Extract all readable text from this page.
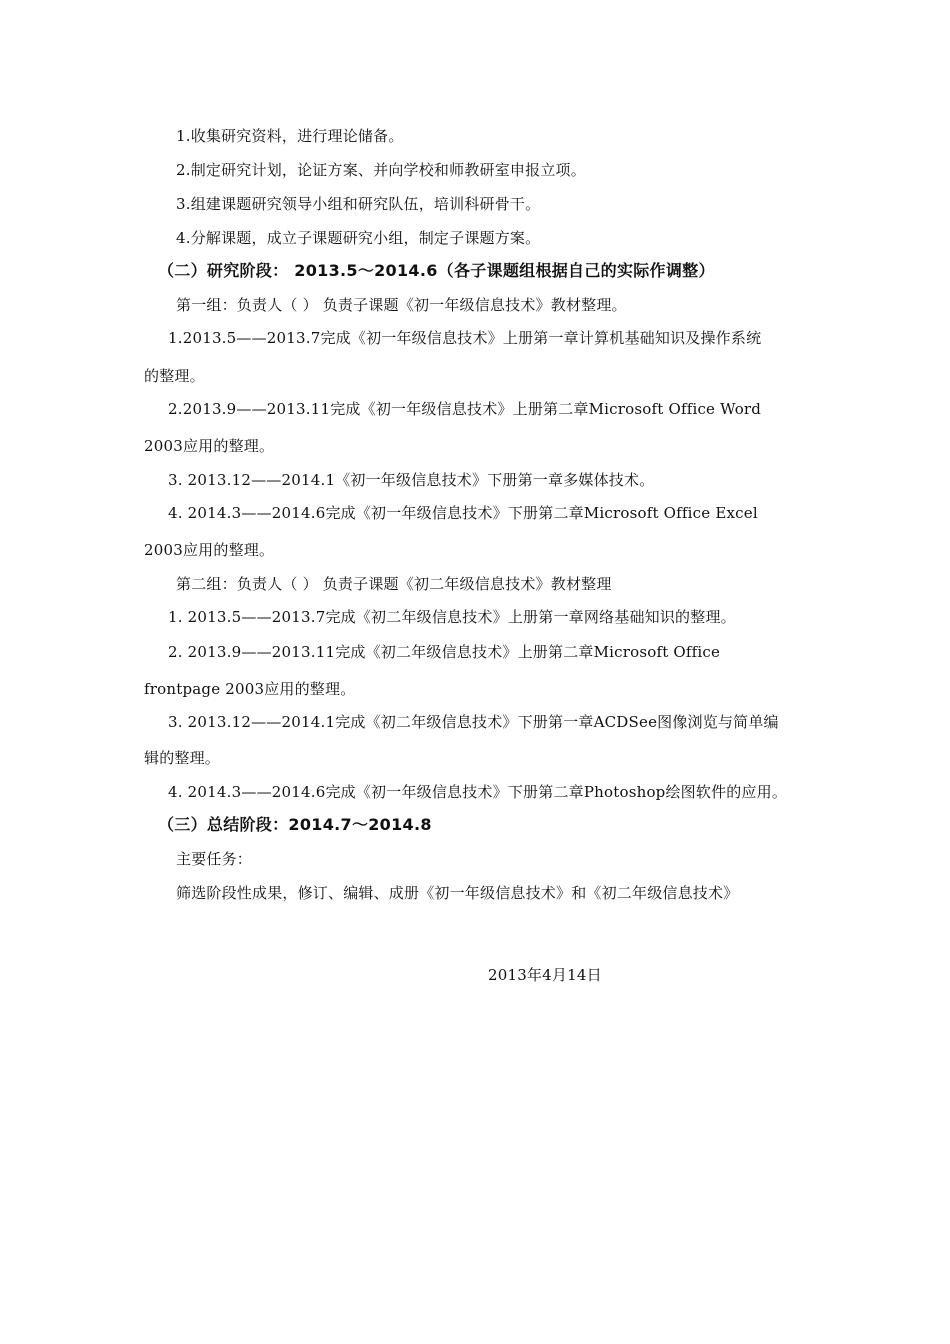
1.收集研究资料，进行理论储备。
2.制定研究计划，论证方案、并向学校和师教研室申报立项。
3.组建课题研究领导小组和研究队伍，培训科研骨干。
4.分解课题，成立子课题研究小组，制定子课题方案。
（二）研究阶段： 2013.5～2014.6（各子课题组根据自己的实际作调整）
第一组：负责人（ ） 负责子课题《初一年级信息技术》教材整理。
1.2013.5——2013.7完成《初一年级信息技术》上册第一章计算机基础知识及操作系统
的整理。
2.2013.9——2013.11完成《初一年级信息技术》上册第二章Microsoft Office Word
2003应用的整理。
3. 2013.12——2014.1《初一年级信息技术》下册第一章多媒体技术。
4. 2014.3——2014.6完成《初一年级信息技术》下册第二章Microsoft Office Excel
2003应用的整理。
第二组：负责人（ ） 负责子课题《初二年级信息技术》教材整理
1. 2013.5——2013.7完成《初二年级信息技术》上册第一章网络基础知识的整理。
2. 2013.9——2013.11完成《初二年级信息技术》上册第二章Microsoft Office
frontpage 2003应用的整理。
3. 2013.12——2014.1完成《初二年级信息技术》下册第一章ACDSee图像浏览与简单编
辑的整理。
4. 2014.3——2014.6完成《初一年级信息技术》下册第二章Photoshop绘图软件的应用。
（三）总结阶段：2014.7～2014.8
主要任务：
筛选阶段性成果，修订、编辑、成册《初一年级信息技术》和《初二年级信息技术》
2013年4月14日
